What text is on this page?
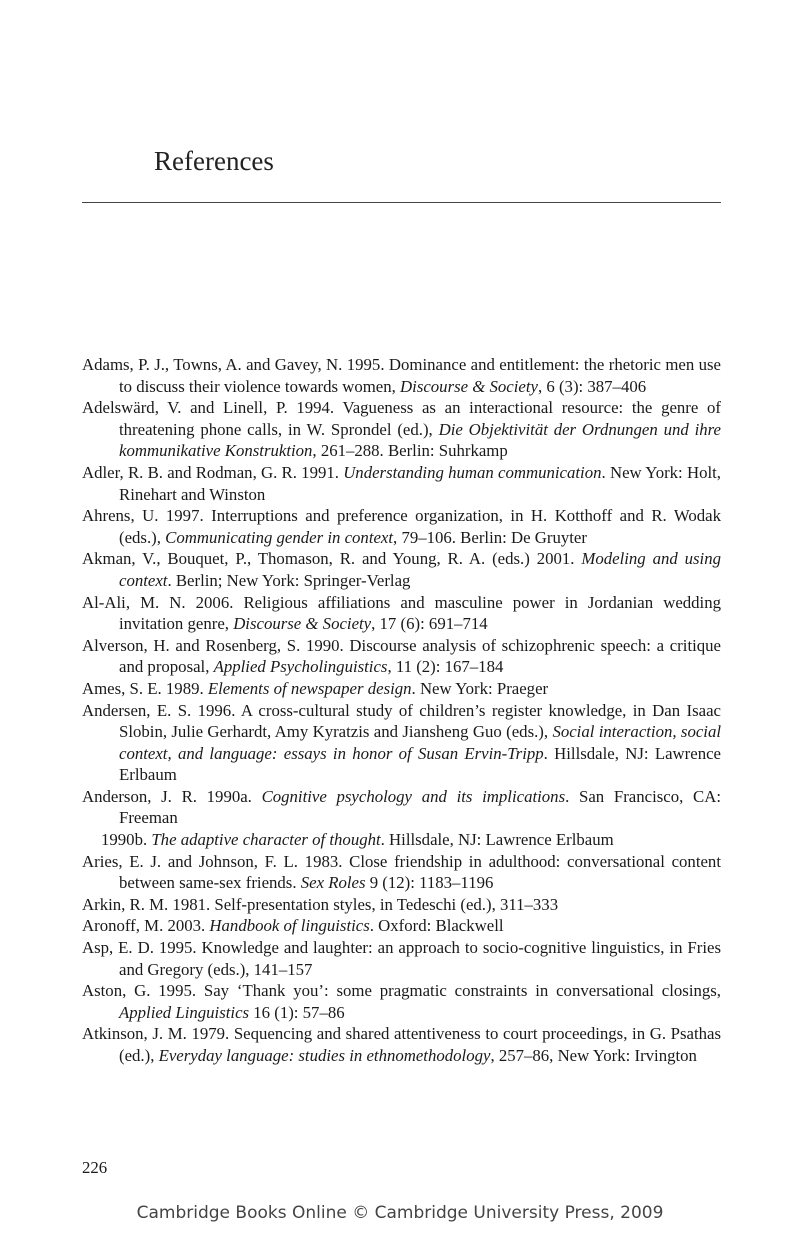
References

Adams, P. J., Towns, A. and Gavey, N. 1995. Dominance and entitlement: the rhetoric men use to discuss their violence towards women, Discourse & Society, 6 (3): 387–406

Adelswärd, V. and Linell, P. 1994. Vagueness as an interactional resource: the genre of threatening phone calls, in W. Sprondel (ed.), Die Objektivität der Ordnungen und ihre kommunikative Konstruktion, 261–288. Berlin: Suhrkamp

Adler, R. B. and Rodman, G. R. 1991. Understanding human communication. New York: Holt, Rinehart and Winston

Ahrens, U. 1997. Interruptions and preference organization, in H. Kotthoff and R. Wodak (eds.), Communicating gender in context, 79–106. Berlin: De Gruyter

Akman, V., Bouquet, P., Thomason, R. and Young, R. A. (eds.) 2001. Modeling and using context. Berlin; New York: Springer-Verlag

Al-Ali, M. N. 2006. Religious affiliations and masculine power in Jordanian wedding invitation genre, Discourse & Society, 17 (6): 691–714

Alverson, H. and Rosenberg, S. 1990. Discourse analysis of schizophrenic speech: a critique and proposal, Applied Psycholinguistics, 11 (2): 167–184

Ames, S. E. 1989. Elements of newspaper design. New York: Praeger

Andersen, E. S. 1996. A cross-cultural study of children’s register knowledge, in Dan Isaac Slobin, Julie Gerhardt, Amy Kyratzis and Jiansheng Guo (eds.), Social interaction, social context, and language: essays in honor of Susan Ervin-Tripp. Hillsdale, NJ: Lawrence Erlbaum

Anderson, J. R. 1990a. Cognitive psychology and its implications. San Francisco, CA: Freeman

1990b. The adaptive character of thought. Hillsdale, NJ: Lawrence Erlbaum

Aries, E. J. and Johnson, F. L. 1983. Close friendship in adulthood: conversational content between same-sex friends. Sex Roles 9 (12): 1183–1196

Arkin, R. M. 1981. Self-presentation styles, in Tedeschi (ed.), 311–333

Aronoff, M. 2003. Handbook of linguistics. Oxford: Blackwell

Asp, E. D. 1995. Knowledge and laughter: an approach to socio-cognitive linguistics, in Fries and Gregory (eds.), 141–157

Aston, G. 1995. Say ‘Thank you’: some pragmatic constraints in conversational closings, Applied Linguistics 16 (1): 57–86

Atkinson, J. M. 1979. Sequencing and shared attentiveness to court proceedings, in G. Psathas (ed.), Everyday language: studies in ethnomethodology, 257–86, New York: Irvington

226
Cambridge Books Online © Cambridge University Press, 2009
